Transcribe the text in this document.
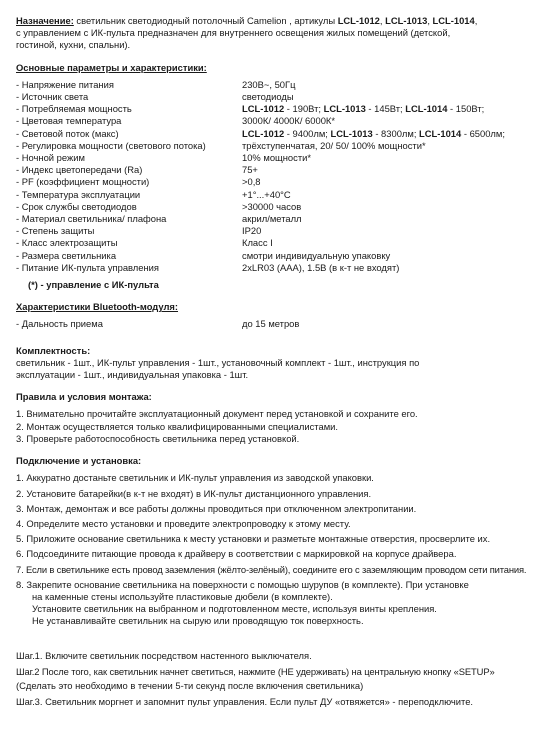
Назначение: светильник светодиодный потолочный Camelion , артикулы LCL-1012, LCL-1013, LCL-1014,

с управлением с ИК-пульта предназначен для внутреннего освещения жилых помещений (детской,

гостиной, кухни, спальни).

Основные параметры и характеристики:

- Напряжение питания	230В~, 50Гц
- Источник света	светодиоды
- Потребляемая мощность	LCL-1012 - 190Вт; LCL-1013 - 145Вт; LCL-1014 - 150Вт;
- Цветовая температура	3000К/ 4000К/ 6000К*
- Световой поток (макс)	LCL-1012 - 9400лм; LCL-1013 - 8300лм; LCL-1014 - 6500лм;
- Регулировка мощности (светового потока)	трёхступенчатая, 20/ 50/ 100% мощности*
- Ночной режим	10% мощности*
- Индекс цветопередачи (Ra)	75+
- PF (коэффициент мощности)	>0,8
- Температура эксплуатации	+1°...+40°С
- Срок службы светодиодов	>30000 часов
- Материал светильника/ плафона	акрил/металл
- Степень защиты	IP20
- Класс электрозащиты	Класс I
- Размера светильника	смотри индивидуальную упаковку
- Питание ИК-пульта управления	2хLR03 (ААА), 1.5В (в к-т не входят)

(*) - управление с ИК-пульта

Характеристики Bluetooth-модуля:

- Дальность приема	до 15 метров

Комплектность:

светильник - 1шт., ИК-пульт управления - 1шт., установочный комплект - 1шт., инструкция по

эксплуатации - 1шт., индивидуальная упаковка - 1шт.

Правила и условия монтажа:

1. Внимательно прочитайте эксплуатационный документ перед установкой и сохраните его.

2. Монтаж осуществляется только квалифицированными специалистами.

3. Проверьте работоспособность светильника перед установкой.

Подключение и установка:

1. Аккуратно достаньте светильник и ИК-пульт управления из заводской упаковки.

2. Установите батарейки(в к-т не входят) в ИК-пульт дистанционного управления.

3. Монтаж, демонтаж и все работы должны проводиться при отключенном электропитании.

4. Определите место установки и проведите электропроводку к этому месту.

5. Приложите основание светильника к месту установки и разметьте монтажные отверстия, просверлите их.

6. Подсоедините питающие провода к драйверу в соответствии с маркировкой на корпусе драйвера.

7. Если в светильнике есть провод заземления (жёлто-зелёный), соедините его с заземляющим проводом сети питания.

8. Закрепите основание светильника на поверхности с помощью шурупов (в комплекте). При установке

на каменные стены используйте пластиковые дюбели (в комплекте).

Установите светильник на выбранном и подготовленном месте, используя винты крепления.

Не устанавливайте светильник на сырую или проводящую ток поверхность.

Шаг.1. Включите светильник посредством настенного выключателя.

Шаг.2 После того, как светильник начнет светиться, нажмите (НЕ удерживать) на центральную кнопку «SETUP»

(Сделать это необходимо в течении 5-ти секунд после включения светильника)

Шаг.3. Светильник моргнет и запомнит пульт управления. Если пульт ДУ «отвяжется» - переподключите.
